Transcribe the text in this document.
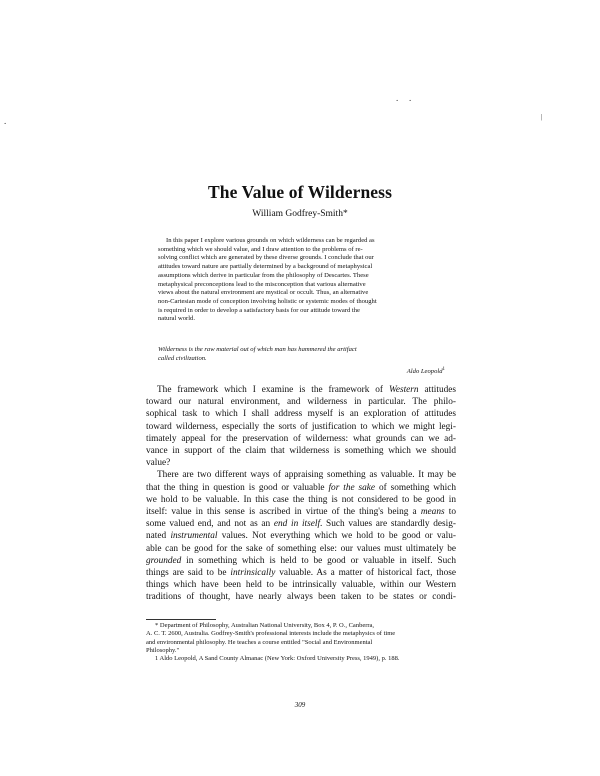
. .
.	|
The Value of Wilderness
William Godfrey-Smith*
In this paper I explore various grounds on which wilderness can be regarded as
something which we should value, and I draw attention to the problems of re-
solving conflict which are generated by these diverse grounds. I conclude that our
attitudes toward nature are partially determined by a background of metaphysical
assumptions which derive in particular from the philosophy of Descartes. These
metaphysical preconceptions lead to the misconception that various alternative
views about the natural environment are mystical or occult. Thus, an alternative
non-Cartesian mode of conception involving holistic or systemic modes of thought
is required in order to develop a satisfactory basis for our attitude toward the
natural world.
Wilderness is the raw material out of which man has hammered the artifact
called civilization.
Aldo Leopold$^1$
The framework which I examine is the framework of Western attitudes
toward our natural environment, and wilderness in particular. The philo-
sophical task to which I shall address myself is an exploration of attitudes
toward wilderness, especially the sorts of justification to which we might legi-
timately appeal for the preservation of wilderness: what grounds can we ad-
vance in support of the claim that wilderness is something which we should
value?
There are two different ways of appraising something as valuable. It may be
that the thing in question is good or valuable for the sake of something which
we hold to be valuable. In this case the thing is not considered to be good in
itself: value in this sense is ascribed in virtue of the thing's being a means to
some valued end, and not as an end in itself. Such values are standardly desig-
nated instrumental values. Not everything which we hold to be good or valu-
able can be good for the sake of something else: our values must ultimately be
grounded in something which is held to be good or valuable in itself. Such
things are said to be intrinsically valuable. As a matter of historical fact, those
things which have been held to be intrinsically valuable, within our Western
traditions of thought, have nearly always been taken to be states or condi-
* Department of Philosophy, Australian National University, Box 4, P. O., Canberra,
A. C. T. 2600, Australia. Godfrey-Smith's professional interests include the metaphysics of time
and environmental philosophy. He teaches a course entitled "Social and Environmental
Philosophy."
1 Aldo Leopold, A Sand County Almanac (New York: Oxford University Press, 1949), p. 188.
309
